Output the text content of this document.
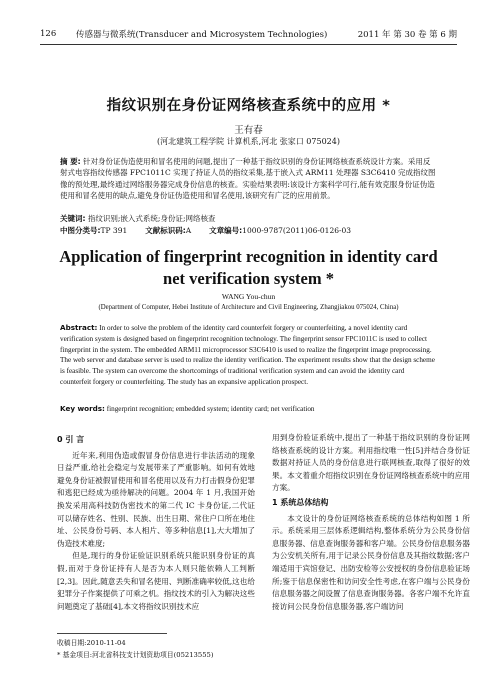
126	传感器与微系统(Transducer and Microsystem Technologies)	2011 年 第 30 卷 第 6 期
指纹识别在身份证网络核查系统中的应用 *
王有春
(河北建筑工程学院 计算机系,河北 张家口 075024)
摘 要: 针对身份证伪造使用和冒名使用的问题,提出了一种基于指纹识别的身份证网络核查系统设计方案。采用反射式电容指纹传感器 FPC1011C 实现了持证人员的指纹采集,基于嵌入式 ARM11 处理器 S3C6410 完成指纹图像的预处理,最终通过网络服务器完成身份信息的核查。实验结果表明:该设计方案科学可行,能有效克服身份证伪造使用和冒名使用的缺点,避免身份证伪造使用和冒名使用,该研究有广泛的应用前景。
关键词: 指纹识别;嵌入式系统;身份证;网络核查
中图分类号:TP 391 文献标识码:A 文章编号:1000-9787(2011)06-0126-03
Application of fingerprint recognition in identity card
net verification system *
WANG You-chun
(Department of Computer, Hebei Institute of Architecture and Civil Engineering, Zhangjiakou 075024, China)
Abstract: In order to solve the problem of the identity card counterfeit forgery or counterfeiting, a novel identity card verification system is designed based on fingerprint recognition technology. The fingerprint sensor FPC1011C is used to collect fingerprint in the system. The embedded ARM11 microprocessor S3C6410 is used to realize the fingerprint image preprocessing. The web server and database server is used to realize the identity verification. The experiment results show that the design scheme is feasible. The system can overcome the shortcomings of traditional verification system and can avoid the identity card counterfeit forgery or counterfeiting. The study has an expansive application prospect.
Key words: fingerprint recognition; embedded system; identity card; net verification
0 引 言

近年来,利用伪造或假冒身份信息进行非法活动的现象日益严重,给社会稳定与发展带来了严重影响。如何有效地避免身份证被假冒使用和冒名使用以及有力打击假身份犯罪和逃犯已经成为亟待解决的问题。2004 年 1 月,我国开始换发采用高科技防伪密技术的第二代 IC 卡身份证,二代证可以储存姓名、性别、民族、出生日期、常住户口所在地住址、公民身份号码、本人相片、等多种信息[1],大大增加了伪造技术难度;

但是,现行的身份证验证识别系统只能识别身份证的真假,而对于身份证持有人是否为本人则只能依赖人工判断[2,3]。因此,随意丢失和冒名使用、判断准确率较低,这也给犯罪分子作案提供了可乘之机。指纹技术的引入为解决这些问题奠定了基础[4],本文将指纹识别技术应

用到身份验证系统中,提出了一种基于指纹识别的身份证网络核查系统的设计方案。利用指纹唯一性[5]并结合身份证数据对持证人员的身份信息进行联网核查,取得了很好的效果。本文着重介绍指纹识别在身份证网络核查系统中的应用方案。

1 系统总体结构

本文设计的身份证网络核查系统的总体结构如图 1 所示。系统采用三层体系逻辑结构,整体系统分为公民身份信息服务器、信息查询服务器和客户端。公民身份信息服务器为公安机关所有,用于记录公民身份信息及其指纹数据;客户端适用于宾馆登记、出防安检等公安授权的身份信息验证场所;鉴于信息保密性和访问安全性考虑,在客户端与公民身份信息服务器之间设置了信息查询服务器。各客户端不允许直接访问公民身份信息服务器,客户端访问

收稿日期:2010-11-04
* 基金项目:河北省科技支计划资助项目(05213555)
